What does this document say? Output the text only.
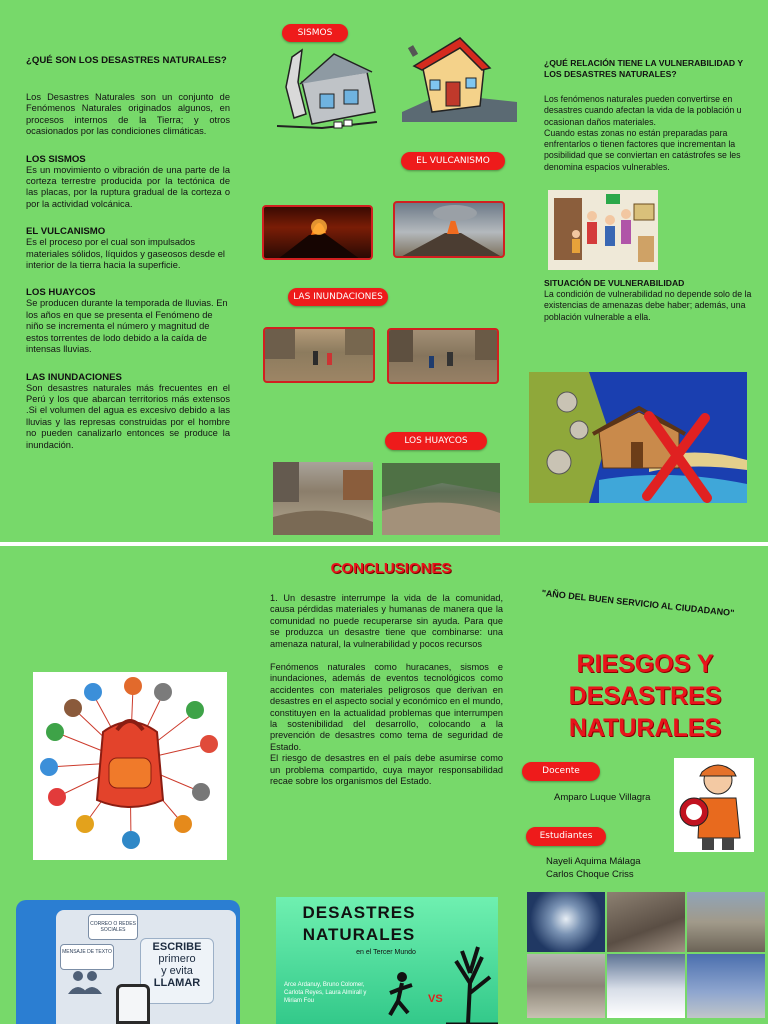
¿QUÉ SON LOS DESASTRES NATURALES?

Los Desastres Naturales son un conjunto de Fenómenos Naturales originados algunos, en procesos internos de la Tierra; y otros ocasionados por las condiciones climáticas.

LOS SISMOS

Es un movimiento o vibración de una parte de la corteza terrestre producida por la tectónica de las placas, por la ruptura gradual de la corteza o por la actividad volcánica.

EL VULCANISMO

Es el proceso por el cual son impulsados materiales sólidos, líquidos y gaseosos desde el interior de la tierra hacia la superficie.

LOS HUAYCOS

Se producen durante la temporada de lluvias. En los años en que se presenta el Fenómeno de niño se incrementa el número y magnitud de estos torrentes de lodo debido a la caída de intensas lluvias.

LAS INUNDACIONES

Son desastres naturales más frecuentes en el Perú y los que abarcan territorios más extensos .Si el volumen del agua es excesivo debido a las lluvias y las represas construidas por el hombre no pueden canalizarlo entonces se produce la inundación.

SISMOS
EL VULCANISMO
LAS INUNDACIONES
LOS HUAYCOS
¿QUÉ RELACIÓN TIENE LA VULNERABILIDAD Y LOS DESASTRES NATURALES?

Los fenómenos naturales pueden convertirse en desastres cuando afectan la vida de la población u ocasionan daños materiales.

Cuando estas zonas no están preparadas para enfrentarlos o tienen factores que incrementan la posibilidad que se conviertan en catástrofes se les denomina espacios vulnerables.

SITUACIÓN DE VULNERABILIDAD

La condición de vulnerabilidad no depende solo de la existencias de amenazas debe haber; además, una población vulnerable a ella.

CONCLUSIONES

1. Un desastre interrumpe la vida de la comunidad, causa pérdidas materiales y humanas de manera que la comunidad no puede recuperarse sin ayuda. Para que se produzca un desastre tiene que combinarse: una amenaza natural, la vulnerabilidad y pocos recursos

Fenómenos naturales como huracanes, sismos e inundaciones, además de eventos tecnológicos como accidentes con materiales peligrosos que derivan en desastres en el aspecto social y económico en el mundo, constituyen en la actualidad problemas que interrumpen la sostenibilidad del desarrollo, colocando a la prevención de desastres como tema de seguridad de Estado.

El riesgo de desastres en el país debe asumirse como un problema compartido, cuya mayor responsabilidad recae sobre los organismos del Estado.

CORREO O REDES SOCIALES
MENSAJE DE TEXTO	ESCRIBE
primero
y evita
LLAMAR
DESASTRES
NATURALES
en el Tercer Mundo
Arce Ardanuy, Bruno Colomer, Carlota Reyes, Laura Almirall y Miriam Fou	VS
"AÑO DEL BUEN SERVICIO AL CIUDADANO"
RIESGOS Y
DESASTRES
NATURALES
Docente
Amparo Luque Villagra
Estudiantes
Nayeli Aquima Málaga
Carlos Choque Criss
